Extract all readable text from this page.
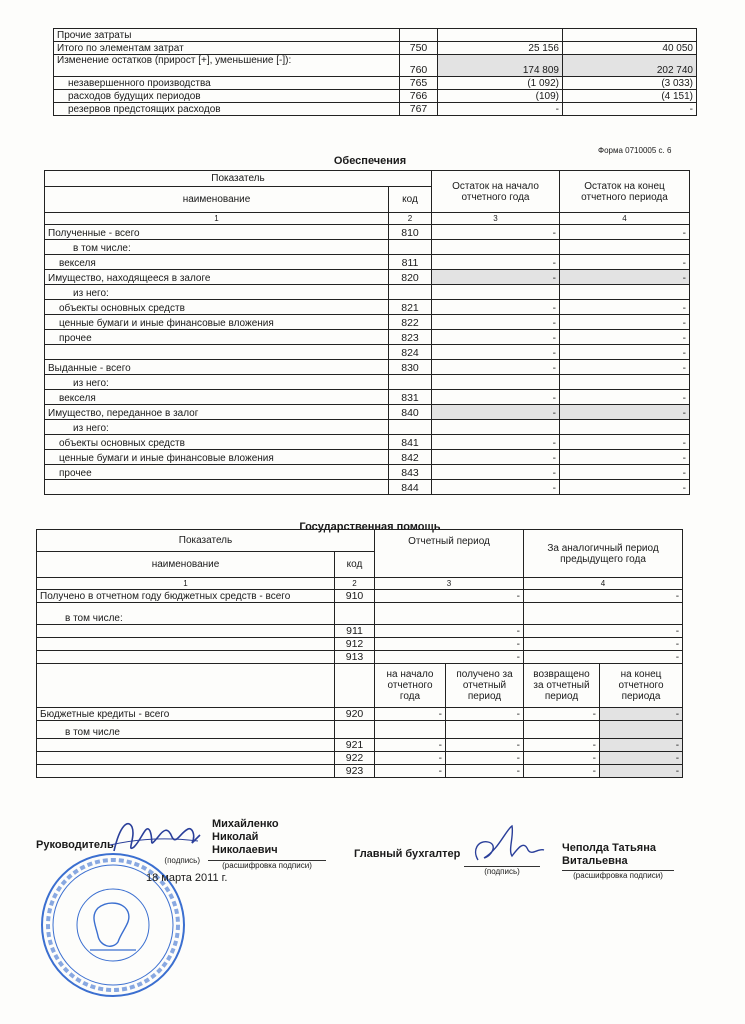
Прочие затраты			
Итого по элементам затрат	750	25 156	40 050
Изменение остатков (прирост [+], уменьшение [-]):	760	174 809	202 740
незавершенного производства	765	(1 092)	(3 033)
расходов будущих периодов	766	(109)	(4 151)
резервов предстоящих расходов	767	-	-
Форма 0710005 с. 6
Обеспечения
Показатель		Остаток на начало отчетного года	Остаток на конец отчетного периода
наименование	код		
1	2	3	4
Полученные - всего	810	-	-
в том числе:			
векселя	811	-	-
Имущество, находящееся в залоге	820	-	-
из него:			
объекты основных средств	821	-	-
ценные бумаги и иные финансовые вложения	822	-	-
прочее	823	-	-
	824	-	-
Выданные - всего	830	-	-
из него:			
векселя	831	-	-
Имущество, переданное в залог	840	-	-
из него:			
объекты основных средств	841	-	-
ценные бумаги и иные финансовые вложения	842	-	-
прочее	843	-	-
	844	-	-
Государственная помощь
Показатель		Отчетный период		За аналогичный период предыдущего года	
наименование	код				
1	2	3		4	
Получено в отчетном году бюджетных средств - всего	910	-		-	
в том числе:					
	911	-		-	
	912	-		-	
	913	-		-	
		на начало отчетного года	получено за отчетный период	возвращено за отчетный период	на конец отчетного периода
Бюджетные кредиты - всего	920	-	-	-	-
в том числе					
	921	-	-	-	-
	922	-	-	-	-
	923	-	-	-	-
Руководитель
(подпись)
Михайленко Николай Николаевич
(расшифровка подписи)
18 марта 2011 г.
Главный бухгалтер
(подпись)
Чеполда Татьяна Витальевна
(расшифровка подписи)
